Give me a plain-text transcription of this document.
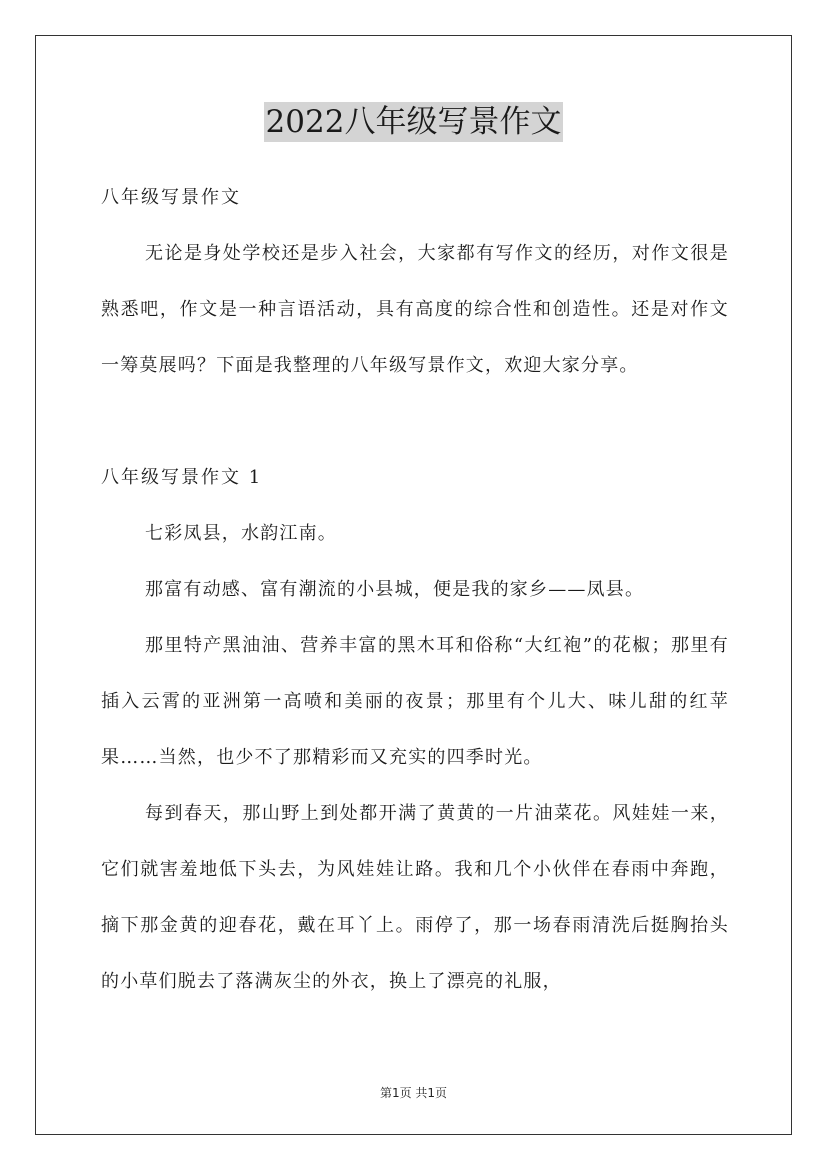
2022八年级写景作文

八年级写景作文

无论是身处学校还是步入社会，大家都有写作文的经历，对作文很是熟悉吧，作文是一种言语活动，具有高度的综合性和创造性。还是对作文一筹莫展吗？下面是我整理的八年级写景作文，欢迎大家分享。

八年级写景作文 1

七彩凤县，水韵江南。

那富有动感、富有潮流的小县城，便是我的家乡——凤县。

那里特产黑油油、营养丰富的黑木耳和俗称“大红袍”的花椒；那里有插入云霄的亚洲第一高喷和美丽的夜景；那里有个儿大、味儿甜的红苹果……当然，也少不了那精彩而又充实的四季时光。

每到春天，那山野上到处都开满了黄黄的一片油菜花。风娃娃一来，它们就害羞地低下头去，为风娃娃让路。我和几个小伙伴在春雨中奔跑，摘下那金黄的迎春花，戴在耳丫上。雨停了，那一场春雨清洗后挺胸抬头的小草们脱去了落满灰尘的外衣，换上了漂亮的礼服，

第1页 共1页
